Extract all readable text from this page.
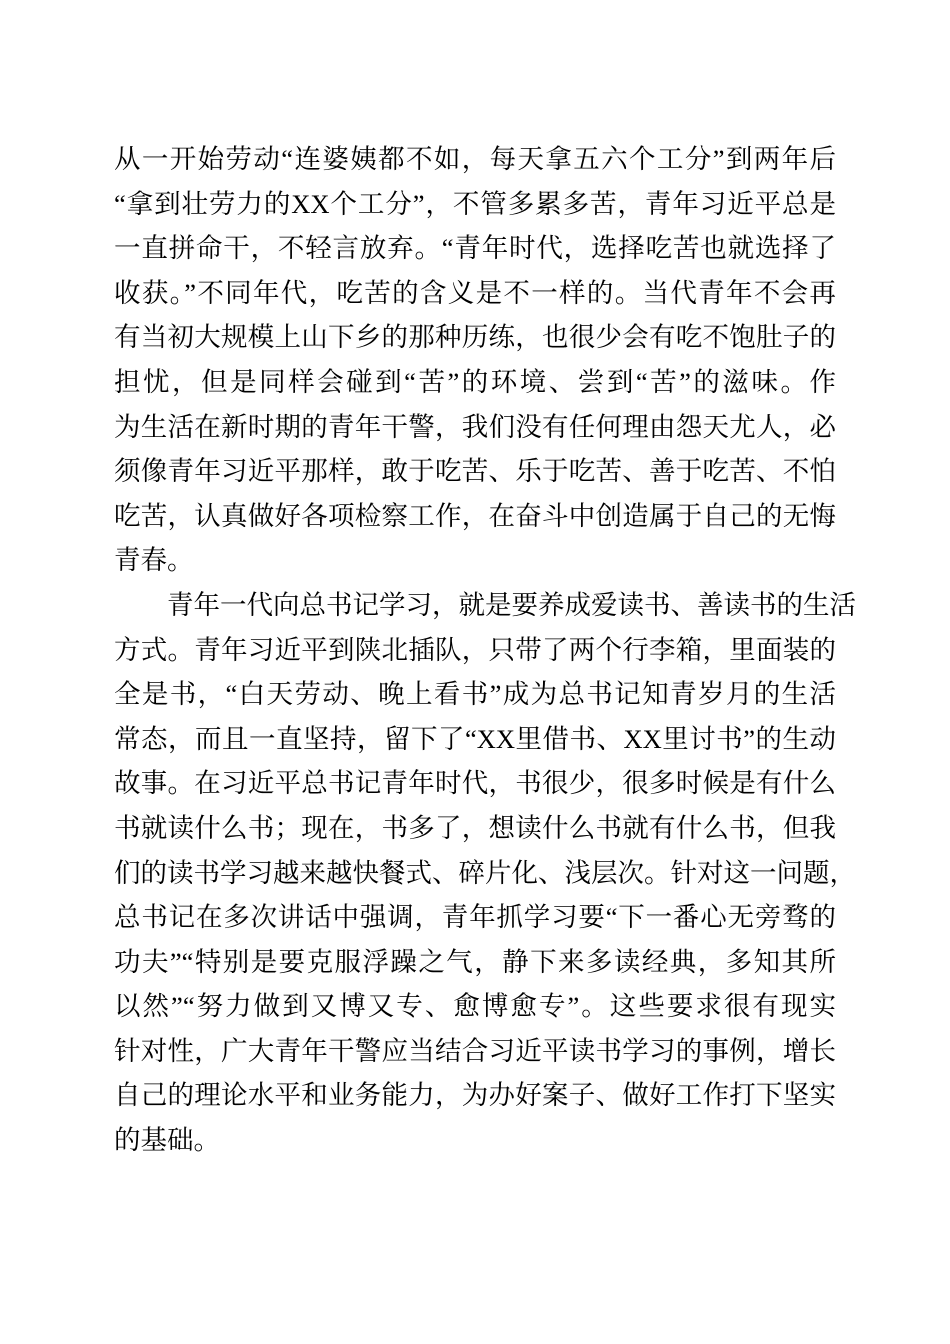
从一开始劳动“连婆姨都不如，每天拿五六个工分”到两年后
“拿到壮劳力的XX个工分”，不管多累多苦，青年习近平总是
一直拼命干，不轻言放弃。“青年时代，选择吃苦也就选择了
收获。”不同年代，吃苦的含义是不一样的。当代青年不会再
有当初大规模上山下乡的那种历练，也很少会有吃不饱肚子的
担忧，但是同样会碰到“苦”的环境、尝到“苦”的滋味。作
为生活在新时期的青年干警，我们没有任何理由怨天尤人，必
须像青年习近平那样，敢于吃苦、乐于吃苦、善于吃苦、不怕
吃苦，认真做好各项检察工作，在奋斗中创造属于自己的无悔
青春。
青年一代向总书记学习，就是要养成爱读书、善读书的生活
方式。青年习近平到陕北插队，只带了两个行李箱，里面装的
全是书，“白天劳动、晚上看书”成为总书记知青岁月的生活
常态，而且一直坚持，留下了“XX里借书、XX里讨书”的生动
故事。在习近平总书记青年时代，书很少，很多时候是有什么
书就读什么书；现在，书多了，想读什么书就有什么书，但我
们的读书学习越来越快餐式、碎片化、浅层次。针对这一问题，
总书记在多次讲话中强调，青年抓学习要“下一番心无旁骛的
功夫”“特别是要克服浮躁之气，静下来多读经典，多知其所
以然”“努力做到又博又专、愈博愈专”。这些要求很有现实
针对性，广大青年干警应当结合习近平读书学习的事例，增长
自己的理论水平和业务能力，为办好案子、做好工作打下坚实
的基础。
